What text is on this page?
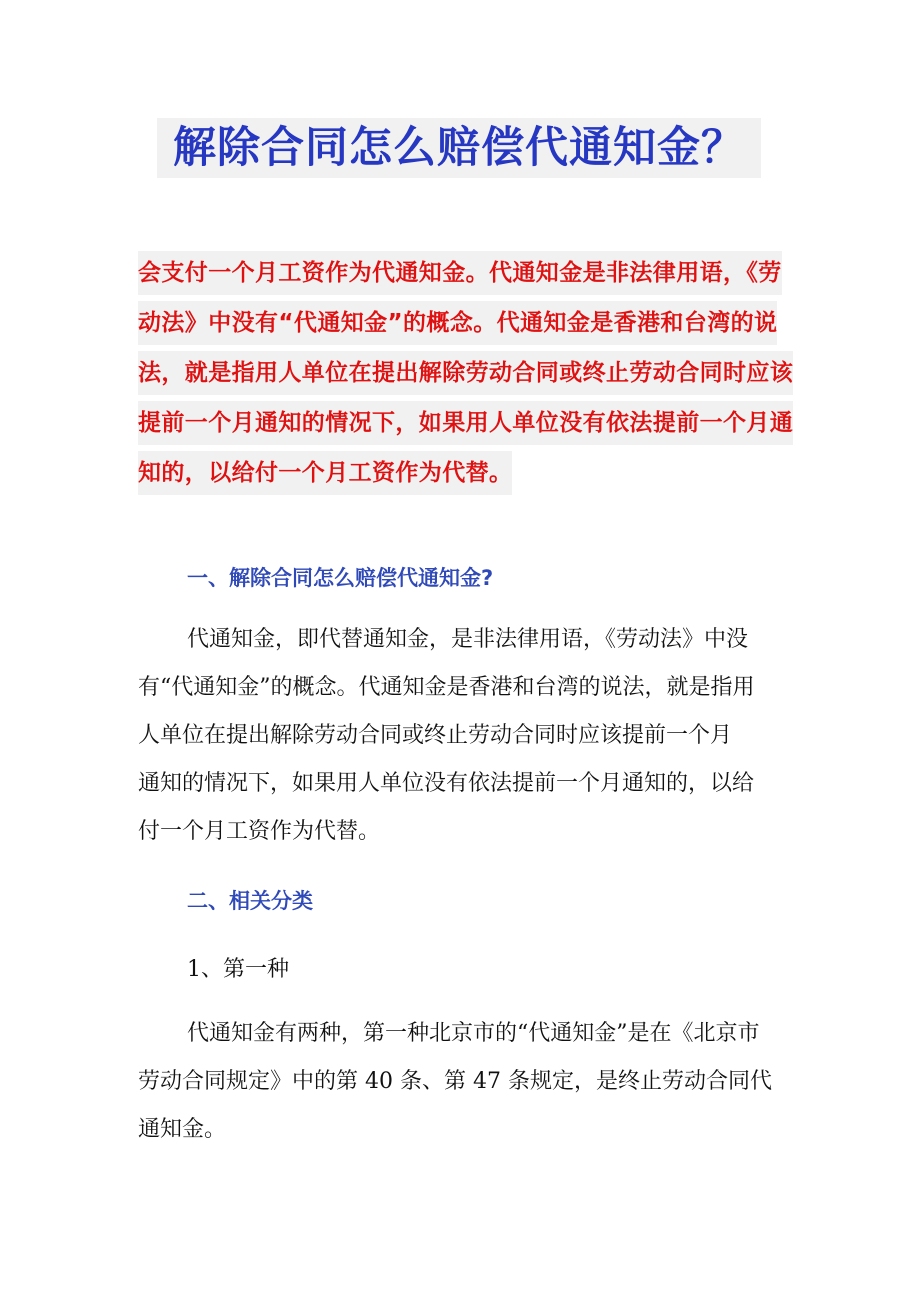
解除合同怎么赔偿代通知金？
会支付一个月工资作为代通知金。代通知金是非法律用语，《劳
动法》中没有“代通知金”的概念。代通知金是香港和台湾的说
法，就是指用人单位在提出解除劳动合同或终止劳动合同时应该
提前一个月通知的情况下，如果用人单位没有依法提前一个月通
知的，以给付一个月工资作为代替。
一、解除合同怎么赔偿代通知金?
代通知金，即代替通知金，是非法律用语，《劳动法》中没
有“代通知金”的概念。代通知金是香港和台湾的说法，就是指用
人单位在提出解除劳动合同或终止劳动合同时应该提前一个月
通知的情况下，如果用人单位没有依法提前一个月通知的，以给
付一个月工资作为代替。
二、相关分类
1、第一种
代通知金有两种，第一种北京市的“代通知金”是在《北京市
劳动合同规定》中的第 40 条、第 47 条规定，是终止劳动合同代
通知金。
